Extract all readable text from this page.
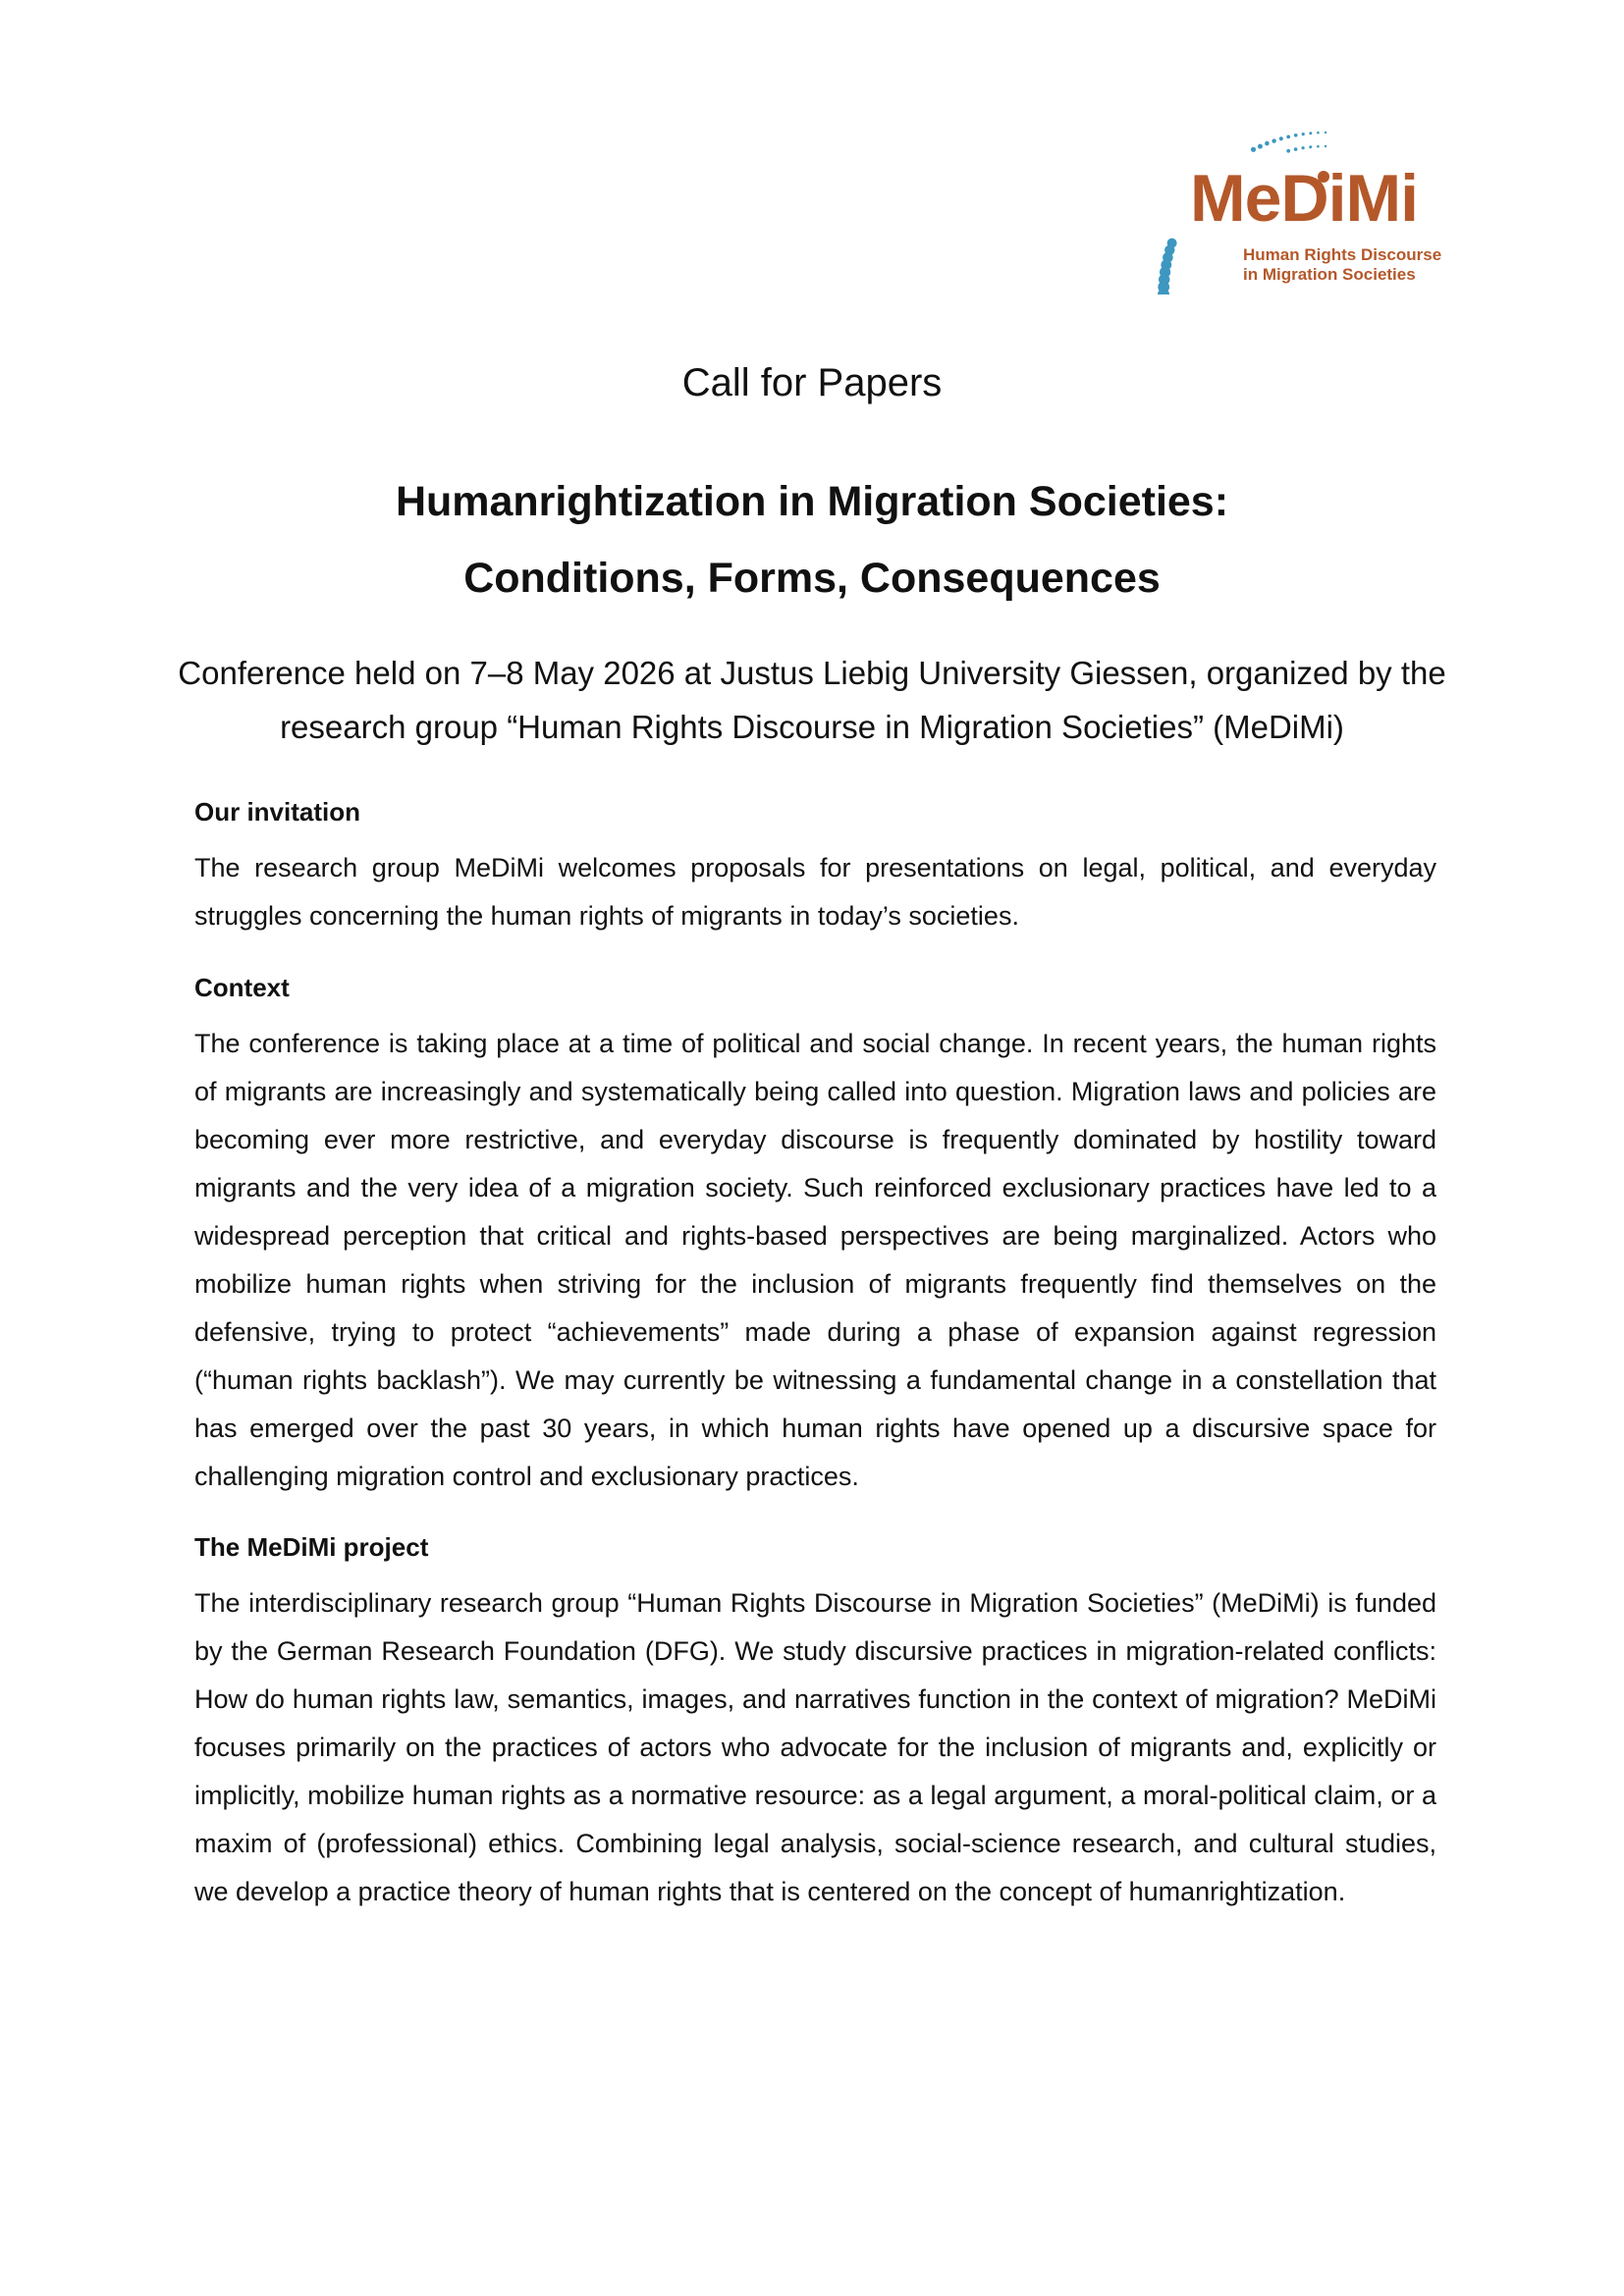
MeDiMi
Human Rights Discourse
in Migration Societies
Call for Papers
Humanrightization in Migration Societies:
Conditions, Forms, Consequences
Conference held on 7–8 May 2026 at Justus Liebig University Giessen, organized by the
research group “Human Rights Discourse in Migration Societies” (MeDiMi)
Our invitation

The research group MeDiMi welcomes proposals for presentations on legal, political, and everyday struggles concerning the human rights of migrants in today’s societies.

Context

The conference is taking place at a time of political and social change. In recent years, the human rights of migrants are increasingly and systematically being called into question. Migration laws and policies are becoming ever more restrictive, and everyday discourse is frequently dominated by hostility toward migrants and the very idea of a migration society. Such reinforced exclusionary practices have led to a widespread perception that critical and rights-based perspectives are being marginalized. Actors who mobilize human rights when striving for the inclusion of migrants frequently find themselves on the defensive, trying to protect “achievements” made during a phase of expansion against regression (“human rights backlash”). We may currently be witnessing a fundamental change in a constellation that has emerged over the past 30 years, in which human rights have opened up a discursive space for challenging migration control and exclusionary practices.

The MeDiMi project

The interdisciplinary research group “Human Rights Discourse in Migration Societies” (MeDiMi) is funded by the German Research Foundation (DFG). We study discursive practices in migration-related conflicts: How do human rights law, semantics, images, and narratives function in the context of migration? MeDiMi focuses primarily on the practices of actors who advocate for the inclusion of migrants and, explicitly or implicitly, mobilize human rights as a normative resource: as a legal argument, a moral-political claim, or a maxim of (professional) ethics. Combining legal analysis, social-science research, and cultural studies, we develop a practice theory of human rights that is centered on the concept of humanrightization.
